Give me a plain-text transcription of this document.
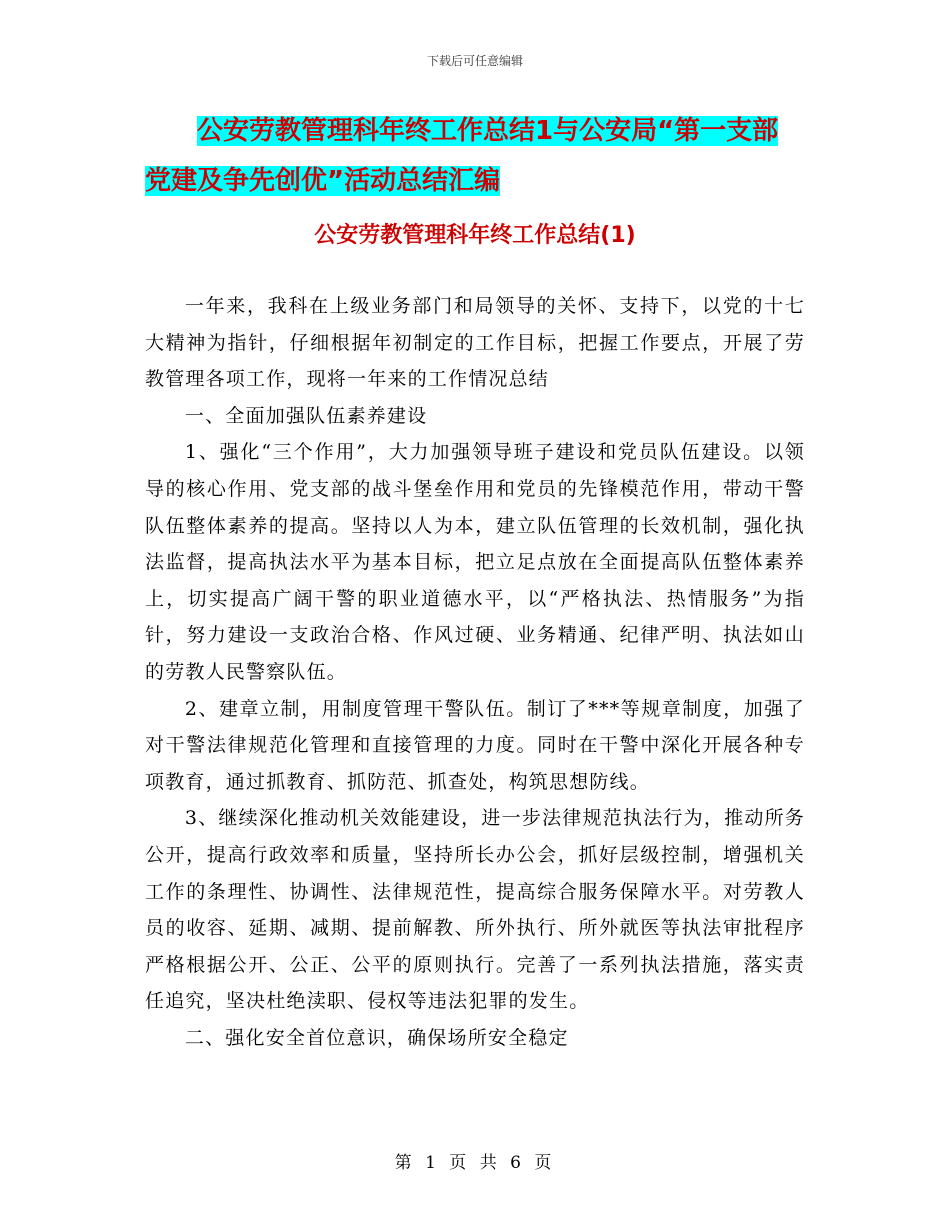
下载后可任意编辑
公安劳教管理科年终工作总结1与公安局“第一支部
党建及争先创优”活动总结汇编
公安劳教管理科年终工作总结(1)

一年来，我科在上级业务部门和局领导的关怀、支持下，以党的十七大精神为指针，仔细根据年初制定的工作目标，把握工作要点，开展了劳教管理各项工作，现将一年来的工作情况总结

一、全面加强队伍素养建设

1、强化“三个作用”，大力加强领导班子建设和党员队伍建设。以领导的核心作用、党支部的战斗堡垒作用和党员的先锋模范作用，带动干警队伍整体素养的提高。坚持以人为本，建立队伍管理的长效机制，强化执法监督，提高执法水平为基本目标，把立足点放在全面提高队伍整体素养上，切实提高广阔干警的职业道德水平，以“严格执法、热情服务”为指针，努力建设一支政治合格、作风过硬、业务精通、纪律严明、执法如山的劳教人民警察队伍。

2、建章立制，用制度管理干警队伍。制订了***等规章制度，加强了对干警法律规范化管理和直接管理的力度。同时在干警中深化开展各种专项教育，通过抓教育、抓防范、抓查处，构筑思想防线。

3、继续深化推动机关效能建设，进一步法律规范执法行为，推动所务公开，提高行政效率和质量，坚持所长办公会，抓好层级控制，增强机关工作的条理性、协调性、法律规范性，提高综合服务保障水平。对劳教人员的收容、延期、减期、提前解教、所外执行、所外就医等执法审批程序严格根据公开、公正、公平的原则执行。完善了一系列执法措施，落实责任追究，坚决杜绝渎职、侵权等违法犯罪的发生。

二、强化安全首位意识，确保场所安全稳定

第 1 页 共 6 页
